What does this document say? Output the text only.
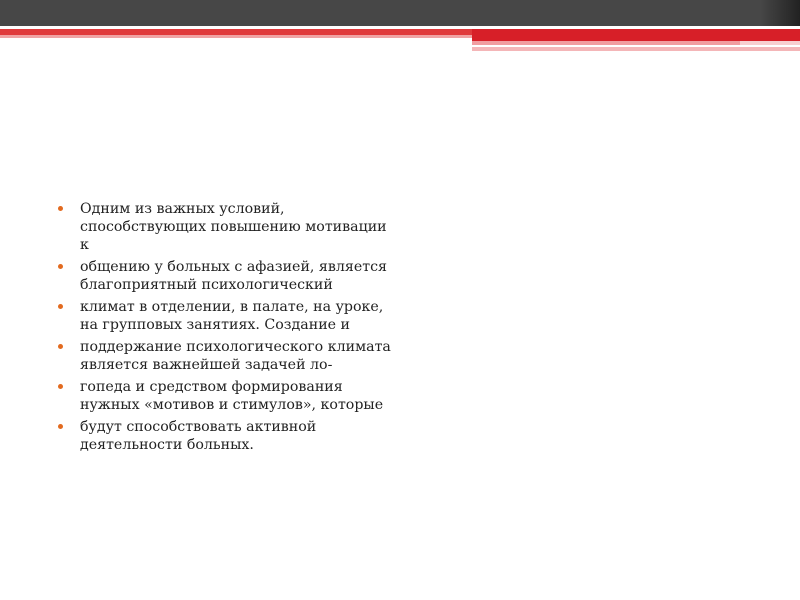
Одним из важных условий, способствующих повышению мотивации к
общению у больных с афазией, является благоприятный психологический
климат в отделении, в палате, на уроке, на групповых занятиях. Создание и
поддержание психологического климата является важнейшей задачей ло-
гопеда и средством формирования нужных «мотивов и стимулов», которые
будут способствовать активной деятельности больных.
